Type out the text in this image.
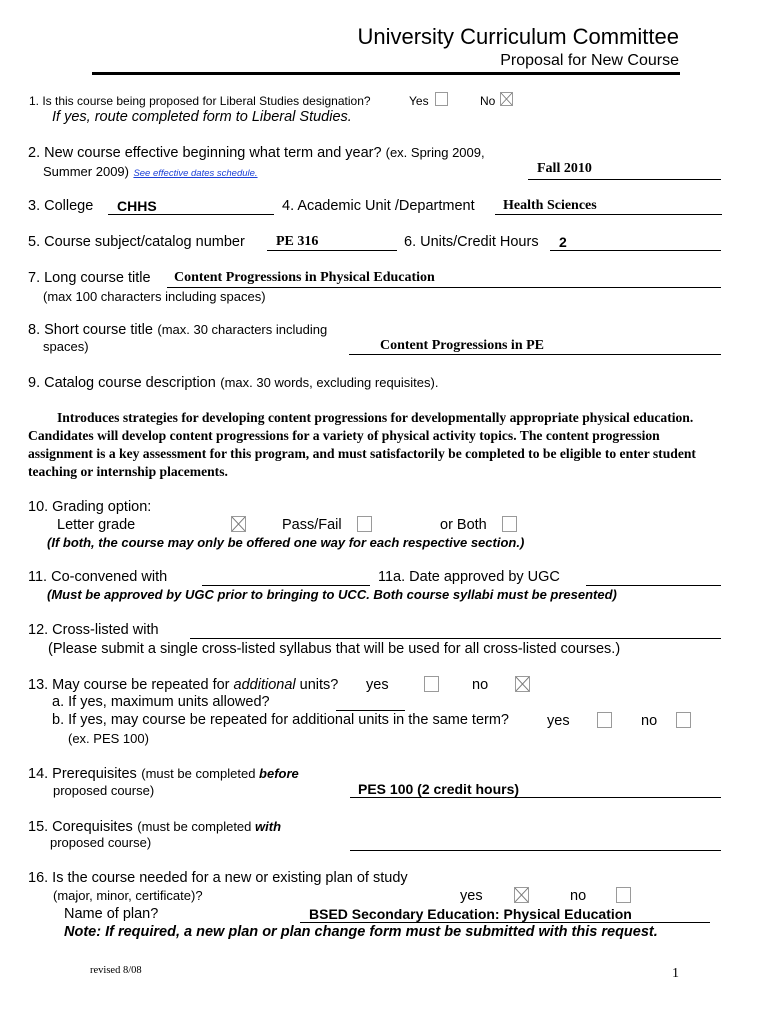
University Curriculum Committee
Proposal for New Course
1. Is this course being proposed for Liberal Studies designation?	Yes	No
If yes, route completed form to Liberal Studies.
2. New course effective beginning what term and year? (ex. Spring 2009,
Summer 2009) See effective dates schedule.	Fall 2010
3. College CHHS	4. Academic Unit /Department Health Sciences
5. Course subject/catalog number PE 316	6. Units/Credit Hours 2
7. Long course title Content Progressions in Physical Education
(max 100 characters including spaces)
8. Short course title (max. 30 characters including
spaces)	Content Progressions in PE
9. Catalog course description (max. 30 words, excluding requisites).
Introduces strategies for developing content progressions for developmentally appropriate physical education. Candidates will develop content progressions for a variety of physical activity topics. The content progression assignment is a key assessment for this program, and must satisfactorily be completed to be eligible to enter student teaching or internship placements.
10. Grading option:
Letter grade	Pass/Fail	or Both
(If both, the course may only be offered one way for each respective section.)
11. Co-convened with	11a. Date approved by UGC
(Must be approved by UGC prior to bringing to UCC. Both course syllabi must be presented)
12. Cross-listed with
(Please submit a single cross-listed syllabus that will be used for all cross-listed courses.)
13. May course be repeated for additional units? yes	no
a. If yes, maximum units allowed?
b. If yes, may course be repeated for additional units in the same term?	yes	no
(ex. PES 100)
14. Prerequisites (must be completed before
proposed course)	PES 100 (2 credit hours)
15. Corequisites (must be completed with
proposed course)
16. Is the course needed for a new or existing plan of study
(major, minor, certificate)?	yes	no
Name of plan?	BSED Secondary Education: Physical Education
Note: If required, a new plan or plan change form must be submitted with this request.
revised 8/08	1
